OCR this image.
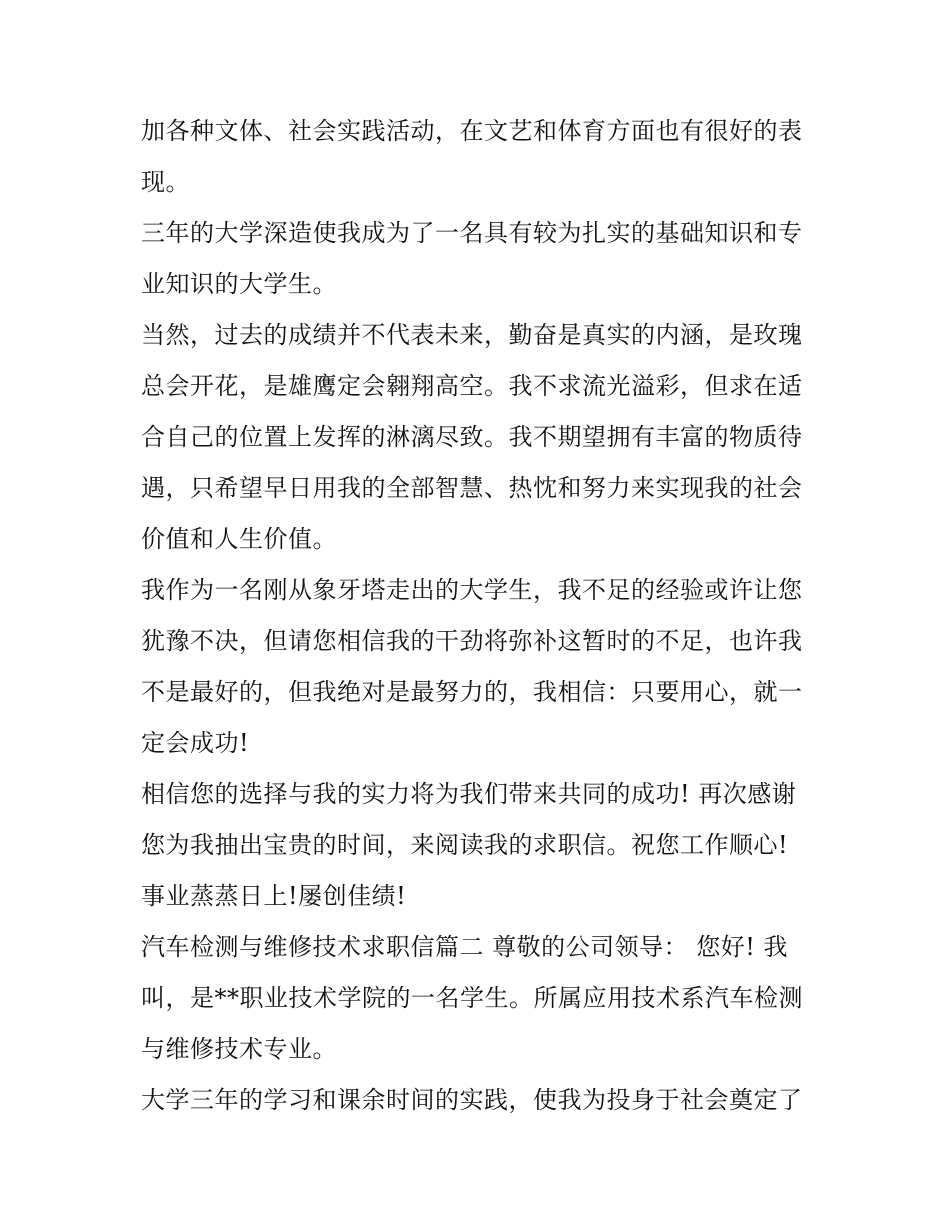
加各种文体、社会实践活动，在文艺和体育方面也有很好的表
现。

三年的大学深造使我成为了一名具有较为扎实的基础知识和专
业知识的大学生。

当然，过去的成绩并不代表未来，勤奋是真实的内涵，是玫瑰
总会开花，是雄鹰定会翱翔高空。我不求流光溢彩，但求在适
合自己的位置上发挥的淋漓尽致。我不期望拥有丰富的物质待
遇，只希望早日用我的全部智慧、热忱和努力来实现我的社会
价值和人生价值。

我作为一名刚从象牙塔走出的大学生，我不足的经验或许让您
犹豫不决，但请您相信我的干劲将弥补这暂时的不足，也许我
不是最好的，但我绝对是最努力的，我相信：只要用心，就一
定会成功!

相信您的选择与我的实力将为我们带来共同的成功! 再次感谢
您为我抽出宝贵的时间，来阅读我的求职信。祝您工作顺心!
事业蒸蒸日上!屡创佳绩!

汽车检测与维修技术求职信篇二 尊敬的公司领导： 您好! 我
叫，是**职业技术学院的一名学生。所属应用技术系汽车检测
与维修技术专业。

大学三年的学习和课余时间的实践，使我为投身于社会奠定了
